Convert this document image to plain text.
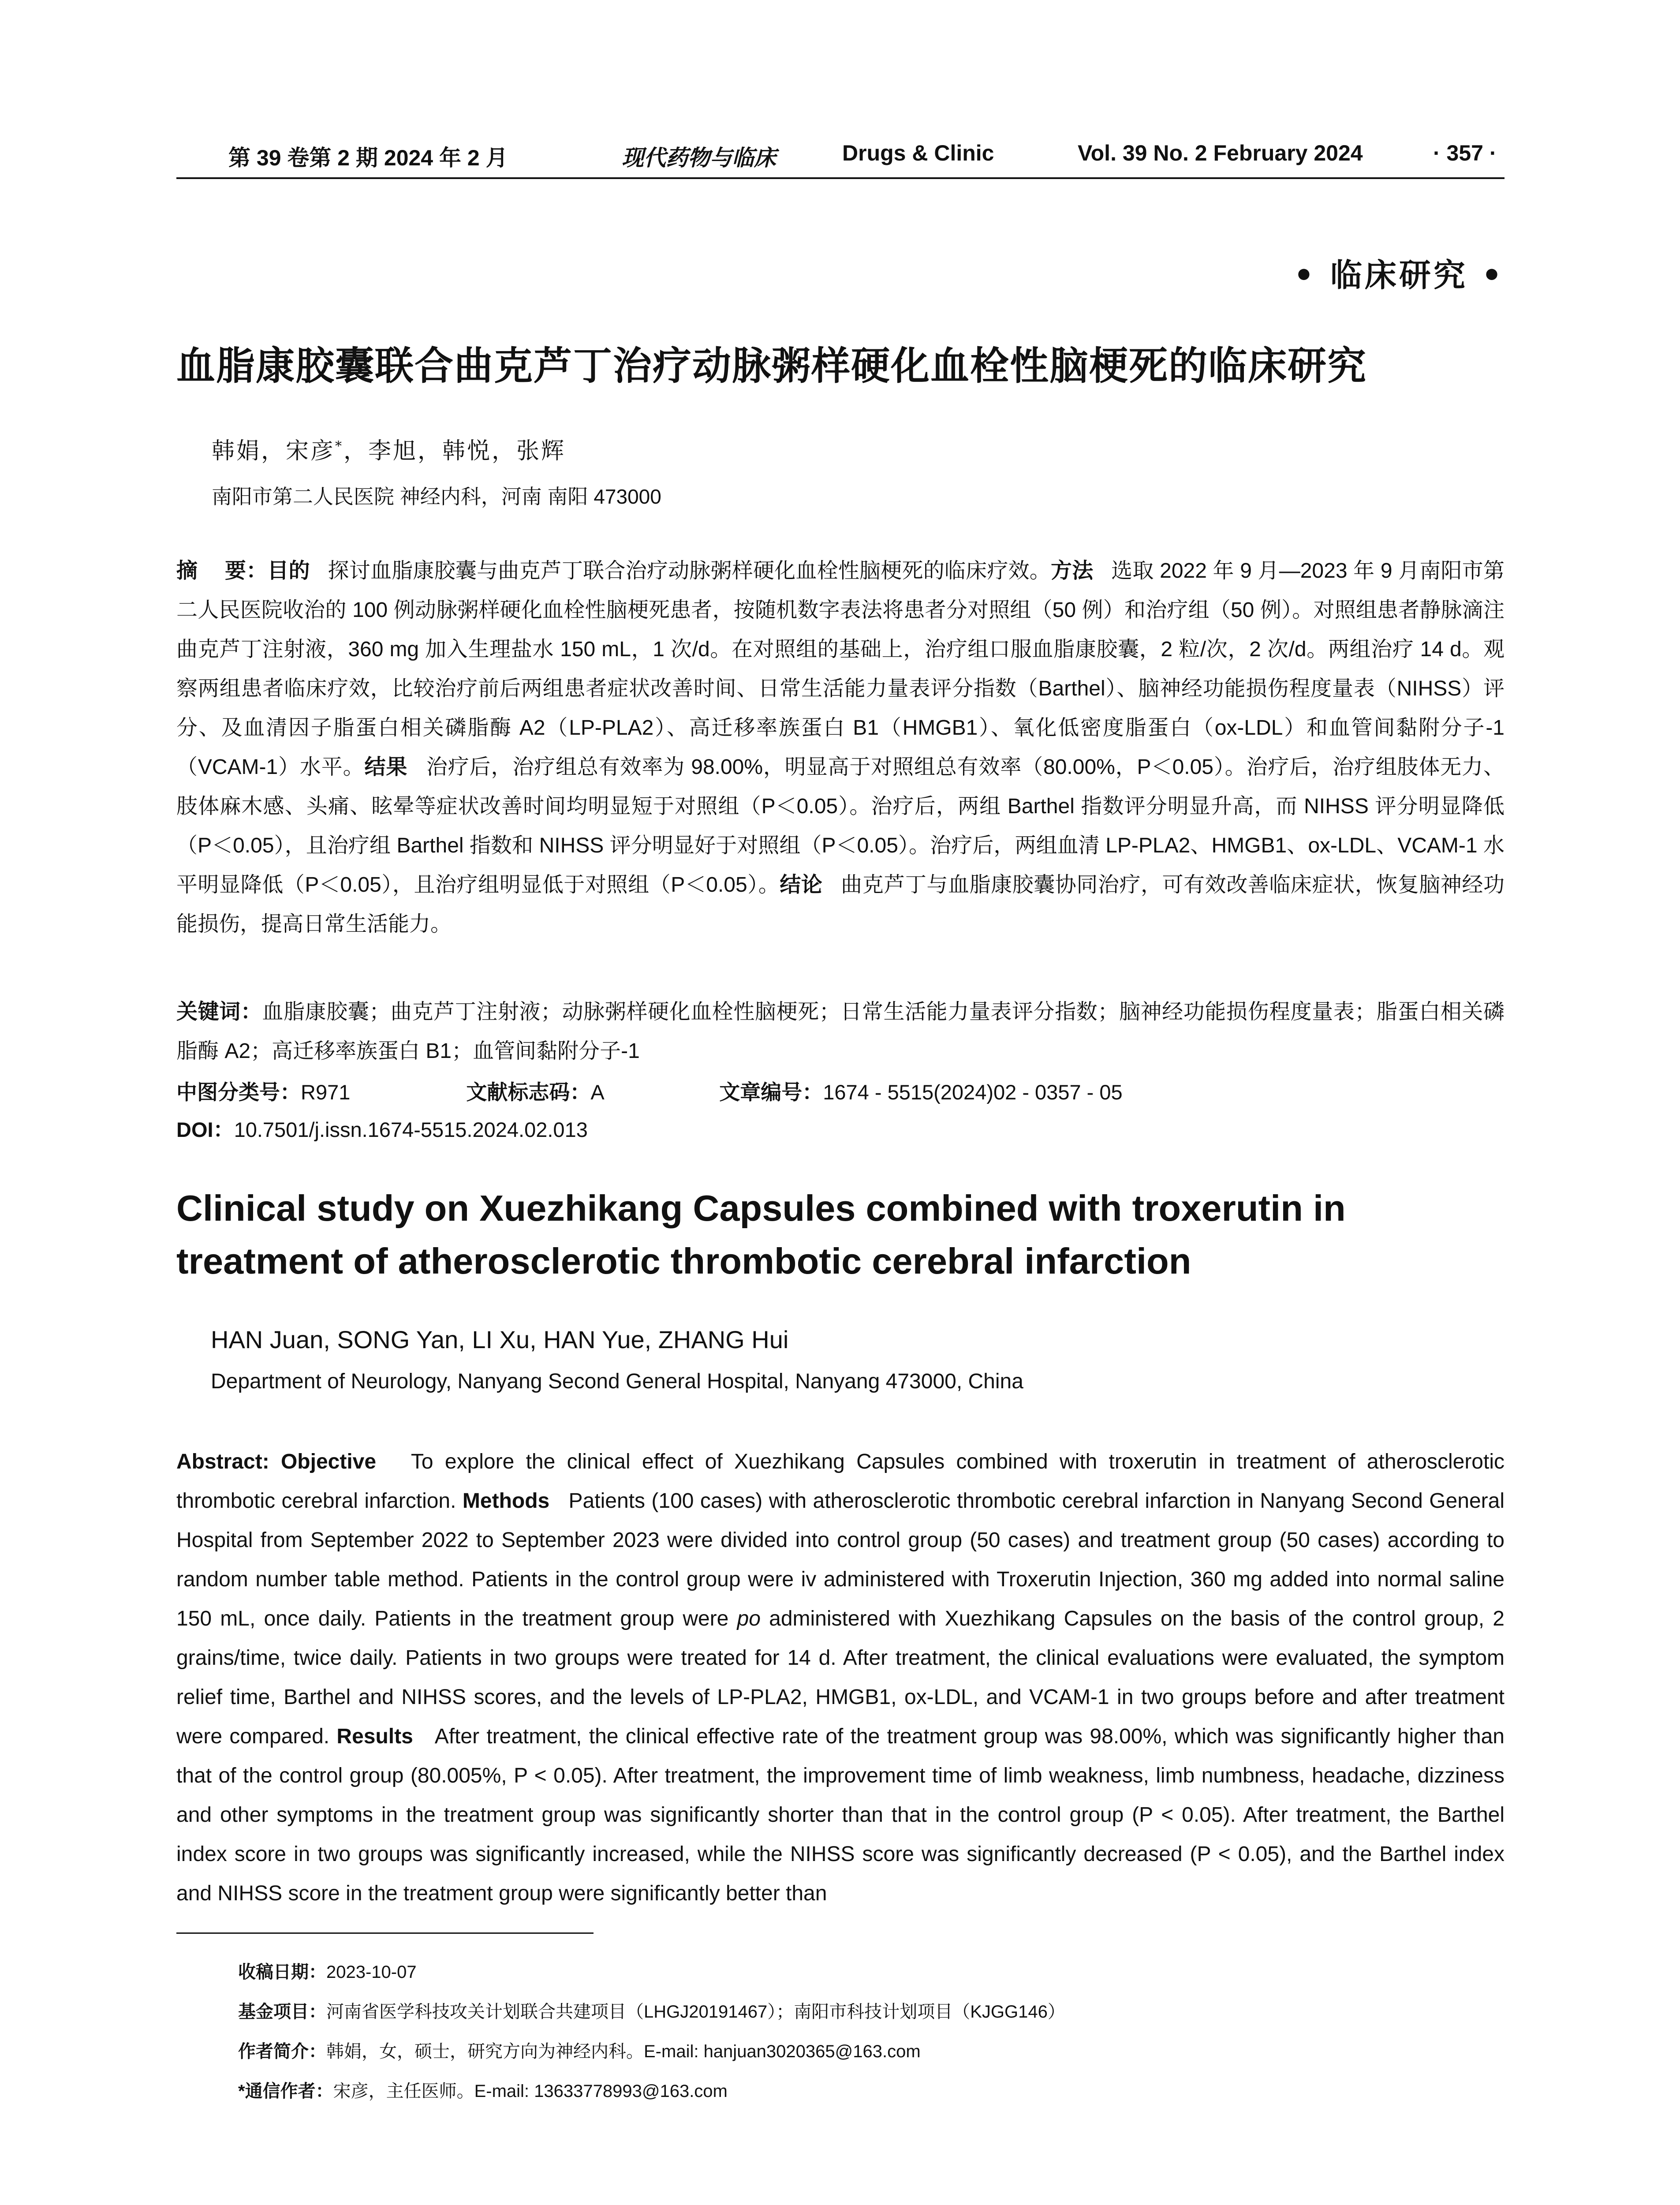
第 39 卷第 2 期 2024 年 2 月	现代药物与临床	Drugs & Clinic	Vol. 39 No. 2 February 2024	· 357 ·
• 临床研究 •
血脂康胶囊联合曲克芦丁治疗动脉粥样硬化血栓性脑梗死的临床研究
韩娟，宋彦*，李旭，韩悦，张辉
南阳市第二人民医院 神经内科，河南 南阳 473000
摘　 要：目的 探讨血脂康胶囊与曲克芦丁联合治疗动脉粥样硬化血栓性脑梗死的临床疗效。方法 选取 2022 年 9 月—2023 年 9 月南阳市第二人民医院收治的 100 例动脉粥样硬化血栓性脑梗死患者，按随机数字表法将患者分对照组（50 例）和治疗组（50 例）。对照组患者静脉滴注曲克芦丁注射液，360 mg 加入生理盐水 150 mL，1 次/d。在对照组的基础上，治疗组口服血脂康胶囊，2 粒/次，2 次/d。两组治疗 14 d。观察两组患者临床疗效，比较治疗前后两组患者症状改善时间、日常生活能力量表评分指数（Barthel）、脑神经功能损伤程度量表（NIHSS）评分、及血清因子脂蛋白相关磷脂酶 A2（LP-PLA2）、高迁移率族蛋白 B1（HMGB1）、氧化低密度脂蛋白（ox-LDL）和血管间黏附分子-1（VCAM-1）水平。结果 治疗后，治疗组总有效率为 98.00%，明显高于对照组总有效率（80.00%，P＜0.05）。治疗后，治疗组肢体无力、肢体麻木感、头痛、眩晕等症状改善时间均明显短于对照组（P＜0.05）。治疗后，两组 Barthel 指数评分明显升高，而 NIHSS 评分明显降低（P＜0.05），且治疗组 Barthel 指数和 NIHSS 评分明显好于对照组（P＜0.05）。治疗后，两组血清 LP-PLA2、HMGB1、ox-LDL、VCAM-1 水平明显降低（P＜0.05），且治疗组明显低于对照组（P＜0.05）。结论 曲克芦丁与血脂康胶囊协同治疗，可有效改善临床症状，恢复脑神经功能损伤，提高日常生活能力。
关键词：血脂康胶囊；曲克芦丁注射液；动脉粥样硬化血栓性脑梗死；日常生活能力量表评分指数；脑神经功能损伤程度量表；脂蛋白相关磷脂酶 A2；高迁移率族蛋白 B1；血管间黏附分子-1
中图分类号：R971	文献标志码：A	文章编号：1674 - 5515(2024)02 - 0357 - 05
DOI：10.7501/j.issn.1674-5515.2024.02.013
Clinical study on Xuezhikang Capsules combined with troxerutin in treatment of atherosclerotic thrombotic cerebral infarction
HAN Juan, SONG Yan, LI Xu, HAN Yue, ZHANG Hui
Department of Neurology, Nanyang Second General Hospital, Nanyang 473000, China
Abstract: Objective To explore the clinical effect of Xuezhikang Capsules combined with troxerutin in treatment of atherosclerotic thrombotic cerebral infarction. Methods Patients (100 cases) with atherosclerotic thrombotic cerebral infarction in Nanyang Second General Hospital from September 2022 to September 2023 were divided into control group (50 cases) and treatment group (50 cases) according to random number table method. Patients in the control group were iv administered with Troxerutin Injection, 360 mg added into normal saline 150 mL, once daily. Patients in the treatment group were po administered with Xuezhikang Capsules on the basis of the control group, 2 grains/time, twice daily. Patients in two groups were treated for 14 d. After treatment, the clinical evaluations were evaluated, the symptom relief time, Barthel and NIHSS scores, and the levels of LP-PLA2, HMGB1, ox-LDL, and VCAM-1 in two groups before and after treatment were compared. Results After treatment, the clinical effective rate of the treatment group was 98.00%, which was significantly higher than that of the control group (80.005%, P < 0.05). After treatment, the improvement time of limb weakness, limb numbness, headache, dizziness and other symptoms in the treatment group was significantly shorter than that in the control group (P < 0.05). After treatment, the Barthel index score in two groups was significantly increased, while the NIHSS score was significantly decreased (P < 0.05), and the Barthel index and NIHSS score in the treatment group were significantly better than
收稿日期：2023-10-07
基金项目：河南省医学科技攻关计划联合共建项目（LHGJ20191467）；南阳市科技计划项目（KJGG146）
作者简介：韩娟，女，硕士，研究方向为神经内科。E-mail: hanjuan3020365@163.com
*通信作者：宋彦，主任医师。E-mail: 13633778993@163.com
